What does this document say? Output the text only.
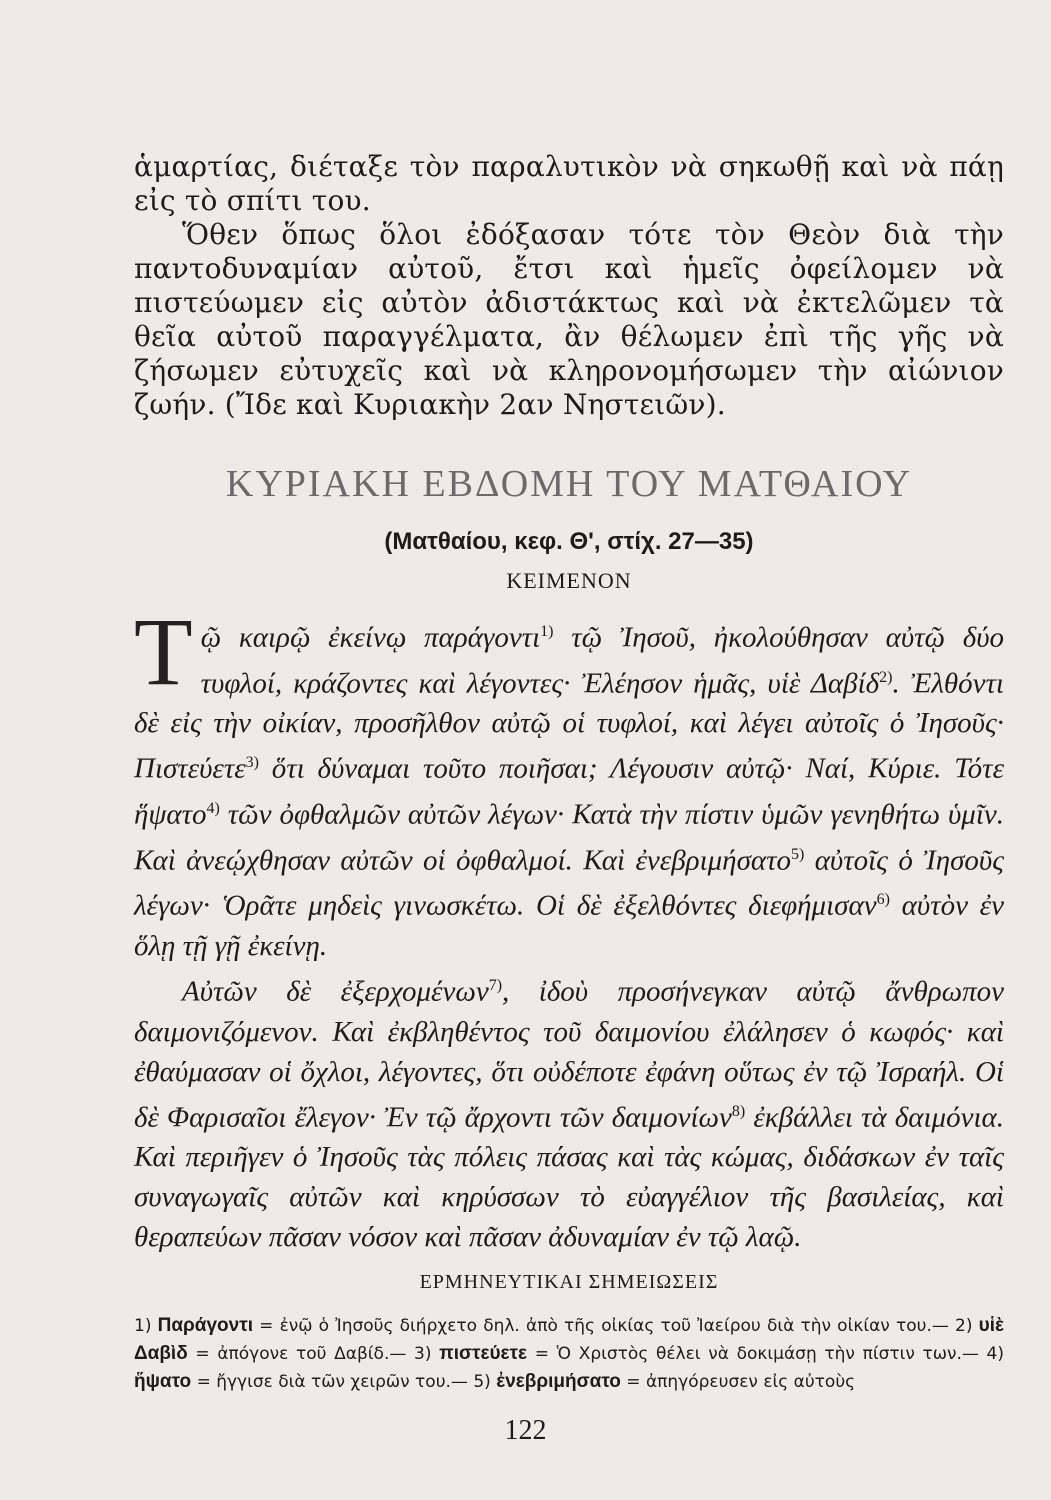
ἁμαρτίας, διέταξε τὸν παραλυτικὸν νὰ σηκωθῇ καὶ νὰ πάῃ εἰς τὸ σπίτι του.

Ὅθεν ὅπως ὅλοι ἐδόξασαν τότε τὸν Θεὸν διὰ τὴν παντοδυναμίαν αὐτοῦ, ἔτσι καὶ ἡμεῖς ὀφείλομεν νὰ πιστεύωμεν εἰς αὐτὸν ἀδιστάκτως καὶ νὰ ἐκτελῶμεν τὰ θεῖα αὐτοῦ παραγγέλματα, ἂν θέλωμεν ἐπὶ τῆς γῆς νὰ ζήσωμεν εὐτυχεῖς καὶ νὰ κληρονομήσωμεν τὴν αἰώνιον ζωήν. (Ἴδε καὶ Κυριακὴν 2αν Νηστειῶν).

ΚΥΡΙΑΚΗ ΕΒΔΟΜΗ ΤΟΥ ΜΑΤΘΑΙΟΥ
(Ματθαίου, κεφ. Θ', στίχ. 27—35)
ΚΕΙΜΕΝΟΝ

Τῷ καιρῷ ἐκείνῳ παράγοντι$^{1)}$ τῷ Ἰησοῦ, ἠκολούθησαν αὐτῷ δύο τυφλοί, κράζοντες καὶ λέγοντες· Ἐλέησον ἡμᾶς, υἱὲ Δαβίδ$^{2)}$. Ἐλθόντι δὲ εἰς τὴν οἰκίαν, προσῆλθον αὐτῷ οἱ τυφλοί, καὶ λέγει αὐτοῖς ὁ Ἰησοῦς· Πιστεύετε$^{3)}$ ὅτι δύναμαι τοῦτο ποιῆσαι; Λέγουσιν αὐτῷ· Ναί, Κύριε. Τότε ἥψατο$^{4)}$ τῶν ὀφθαλμῶν αὐτῶν λέγων· Κατὰ τὴν πίστιν ὑμῶν γενηθήτω ὑμῖν. Καὶ ἀνεῴχθησαν αὐτῶν οἱ ὀφθαλμοί. Καὶ ἐνεβριμήσατο$^{5)}$ αὐτοῖς ὁ Ἰησοῦς λέγων· Ὁρᾶτε μηδεὶς γινωσκέτω. Οἱ δὲ ἐξελθόντες διεφήμισαν$^{6)}$ αὐτὸν ἐν ὅλῃ τῇ γῇ ἐκείνῃ.

Αὐτῶν δὲ ἐξερχομένων$^{7)}$, ἰδοὺ προσήνεγκαν αὐτῷ ἄνθρωπον δαιμονιζόμενον. Καὶ ἐκβληθέντος τοῦ δαιμονίου ἐλάλησεν ὁ κωφός· καὶ ἐθαύμασαν οἱ ὄχλοι, λέγοντες, ὅτι οὐδέποτε ἐφάνη οὕτως ἐν τῷ Ἰσραήλ. Οἱ δὲ Φαρισαῖοι ἔλεγον· Ἐν τῷ ἄρχοντι τῶν δαιμονίων$^{8)}$ ἐκβάλλει τὰ δαιμόνια. Καὶ περιῆγεν ὁ Ἰησοῦς τὰς πόλεις πάσας καὶ τὰς κώμας, διδάσκων ἐν ταῖς συναγωγαῖς αὐτῶν καὶ κηρύσσων τὸ εὐαγγέλιον τῆς βασιλείας, καὶ θεραπεύων πᾶσαν νόσον καὶ πᾶσαν ἀδυναμίαν ἐν τῷ λαῷ.

ΕΡΜΗΝΕΥΤΙΚΑΙ ΣΗΜΕΙΩΣΕΙΣ
1) Παράγοντι = ἐνῷ ὁ Ἰησοῦς διήρχετο δηλ. ἀπὸ τῆς οἰκίας τοῦ Ἰαείρου διὰ τὴν οἰκίαν του.— 2) υἱὲ Δαβὶδ = ἀπόγονε τοῦ Δαβίδ.— 3) πιστεύετε = Ὁ Χριστὸς θέλει νὰ δοκιμάσῃ τὴν πίστιν των.— 4) ἥψατο = ἤγγισε διὰ τῶν χειρῶν του.— 5) ἐνεβριμήσατο = ἀπηγόρευσεν εἰς αὐτοὺς
122
